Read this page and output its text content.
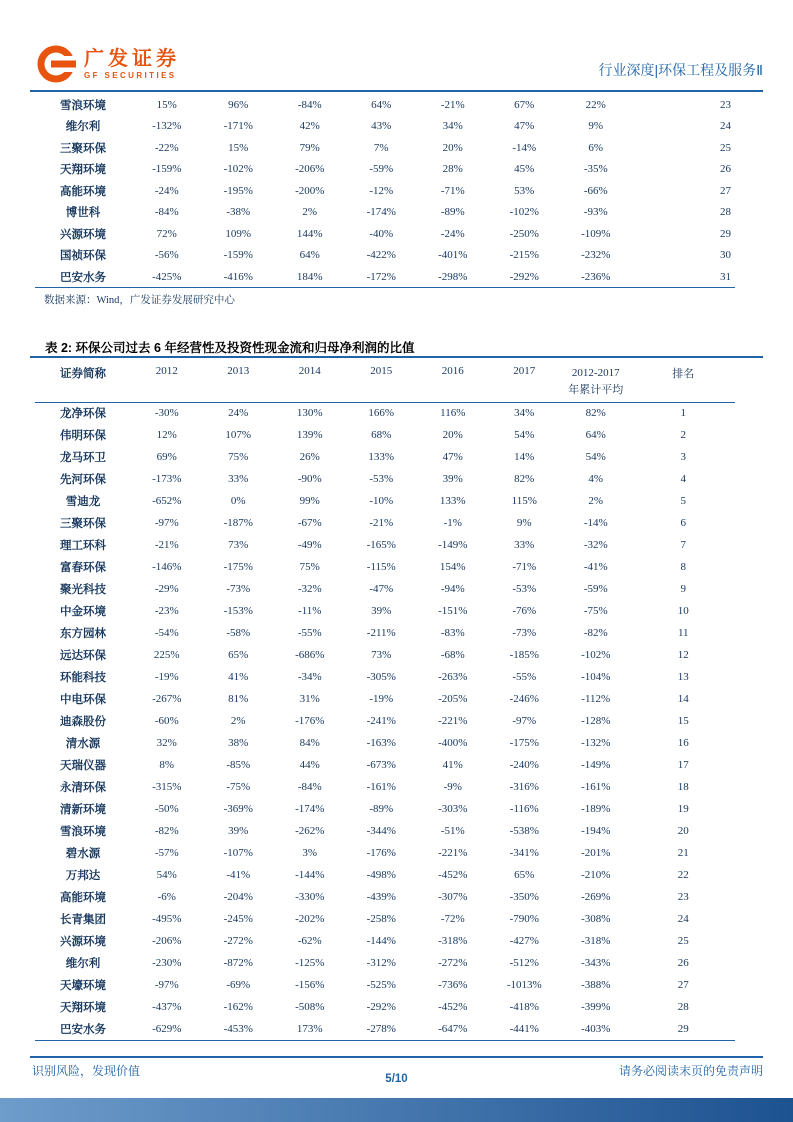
广发证券
GF SECURITIES	行业深度|环保工程及服务Ⅱ
雪浪环境	15%	96%	-84%	64%	-21%	67%	22%	23
维尔利	-132%	-171%	42%	43%	34%	47%	9%	24
三聚环保	-22%	15%	79%	7%	20%	-14%	6%	25
天翔环境	-159%	-102%	-206%	-59%	28%	45%	-35%	26
高能环境	-24%	-195%	-200%	-12%	-71%	53%	-66%	27
博世科	-84%	-38%	2%	-174%	-89%	-102%	-93%	28
兴源环境	72%	109%	144%	-40%	-24%	-250%	-109%	29
国祯环保	-56%	-159%	64%	-422%	-401%	-215%	-232%	30
巴安水务	-425%	-416%	184%	-172%	-298%	-292%	-236%	31
数据来源：Wind，广发证券发展研究中心
表 2: 环保公司过去 6 年经营性及投资性现金流和归母净利润的比值
证券简称	2012	2013	2014	2015	2016	2017	2012-2017
年累计平均	排名
龙净环保	-30%	24%	130%	166%	116%	34%	82%	1
伟明环保	12%	107%	139%	68%	20%	54%	64%	2
龙马环卫	69%	75%	26%	133%	47%	14%	54%	3
先河环保	-173%	33%	-90%	-53%	39%	82%	4%	4
雪迪龙	-652%	0%	99%	-10%	133%	115%	2%	5
三聚环保	-97%	-187%	-67%	-21%	-1%	9%	-14%	6
理工环科	-21%	73%	-49%	-165%	-149%	33%	-32%	7
富春环保	-146%	-175%	75%	-115%	154%	-71%	-41%	8
聚光科技	-29%	-73%	-32%	-47%	-94%	-53%	-59%	9
中金环境	-23%	-153%	-11%	39%	-151%	-76%	-75%	10
东方园林	-54%	-58%	-55%	-211%	-83%	-73%	-82%	11
远达环保	225%	65%	-686%	73%	-68%	-185%	-102%	12
环能科技	-19%	41%	-34%	-305%	-263%	-55%	-104%	13
中电环保	-267%	81%	31%	-19%	-205%	-246%	-112%	14
迪森股份	-60%	2%	-176%	-241%	-221%	-97%	-128%	15
清水源	32%	38%	84%	-163%	-400%	-175%	-132%	16
天瑞仪器	8%	-85%	44%	-673%	41%	-240%	-149%	17
永清环保	-315%	-75%	-84%	-161%	-9%	-316%	-161%	18
清新环境	-50%	-369%	-174%	-89%	-303%	-116%	-189%	19
雪浪环境	-82%	39%	-262%	-344%	-51%	-538%	-194%	20
碧水源	-57%	-107%	3%	-176%	-221%	-341%	-201%	21
万邦达	54%	-41%	-144%	-498%	-452%	65%	-210%	22
高能环境	-6%	-204%	-330%	-439%	-307%	-350%	-269%	23
长青集团	-495%	-245%	-202%	-258%	-72%	-790%	-308%	24
兴源环境	-206%	-272%	-62%	-144%	-318%	-427%	-318%	25
维尔利	-230%	-872%	-125%	-312%	-272%	-512%	-343%	26
天壕环境	-97%	-69%	-156%	-525%	-736%	-1013%	-388%	27
天翔环境	-437%	-162%	-508%	-292%	-452%	-418%	-399%	28
巴安水务	-629%	-453%	173%	-278%	-647%	-441%	-403%	29
识别风险，发现价值	请务必阅读末页的免责声明
5/10
